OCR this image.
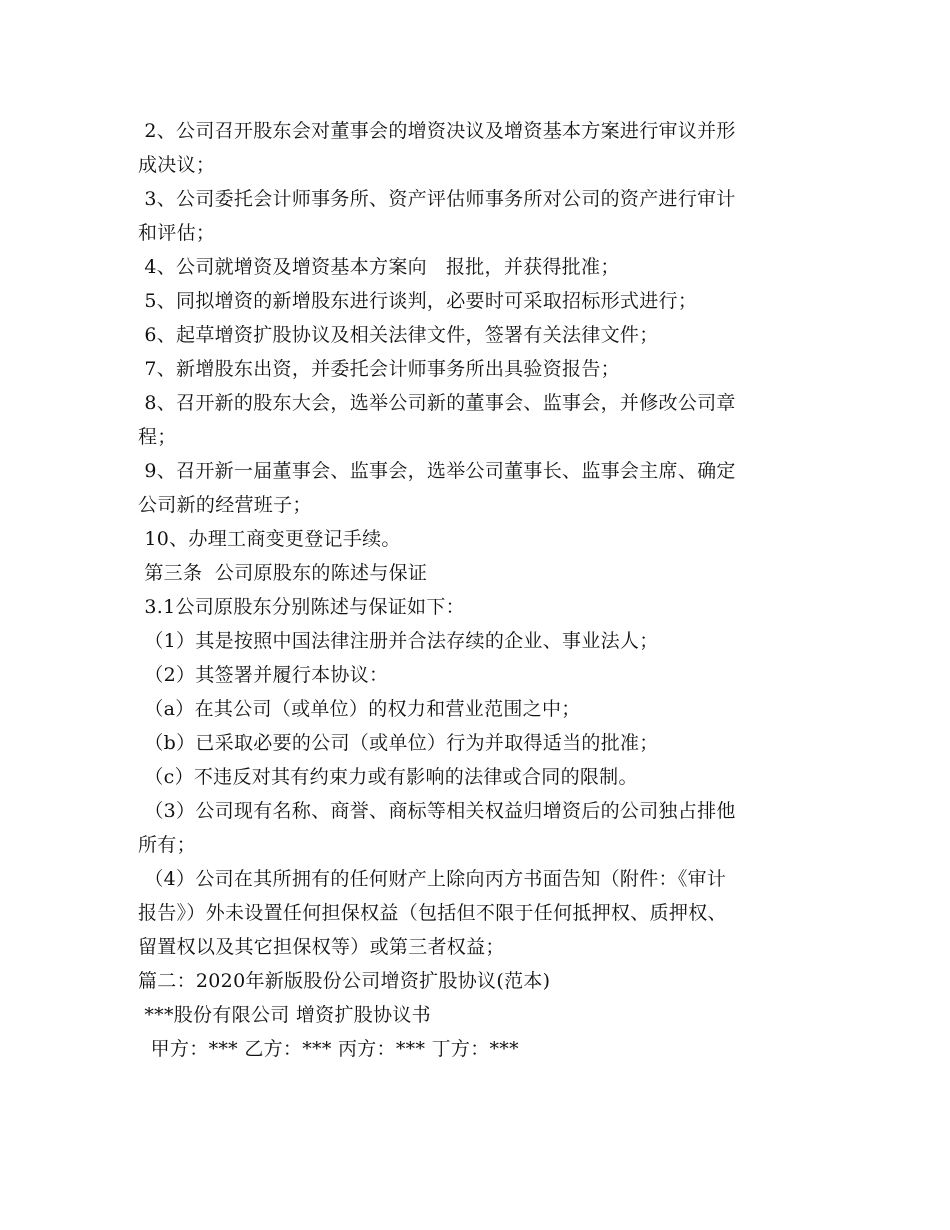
2、公司召开股东会对董事会的增资决议及增资基本方案进行审议并形
成决议；
3、公司委托会计师事务所、资产评估师事务所对公司的资产进行审计
和评估；
4、公司就增资及增资基本方案向   报批，并获得批准；
5、同拟增资的新增股东进行谈判，必要时可采取招标形式进行；
6、起草增资扩股协议及相关法律文件，签署有关法律文件；
7、新增股东出资，并委托会计师事务所出具验资报告；
8、召开新的股东大会，选举公司新的董事会、监事会，并修改公司章
程；
9、召开新一届董事会、监事会，选举公司董事长、监事会主席、确定
公司新的经营班子；
10、办理工商变更登记手续。
第三条  公司原股东的陈述与保证
3.1公司原股东分别陈述与保证如下：
（1）其是按照中国法律注册并合法存续的企业、事业法人；
（2）其签署并履行本协议：
（a）在其公司（或单位）的权力和营业范围之中；
（b）已采取必要的公司（或单位）行为并取得适当的批准；
（c）不违反对其有约束力或有影响的法律或合同的限制。
（3）公司现有名称、商誉、商标等相关权益归增资后的公司独占排他
所有；
（4）公司在其所拥有的任何财产上除向丙方书面告知（附件：《审计
报告》）外未设置任何担保权益（包括但不限于任何抵押权、质押权、
留置权以及其它担保权等）或第三者权益；
篇二：2020年新版股份公司增资扩股协议(范本)
***股份有限公司 增资扩股协议书
甲方：*** 乙方：*** 丙方：*** 丁方：***
